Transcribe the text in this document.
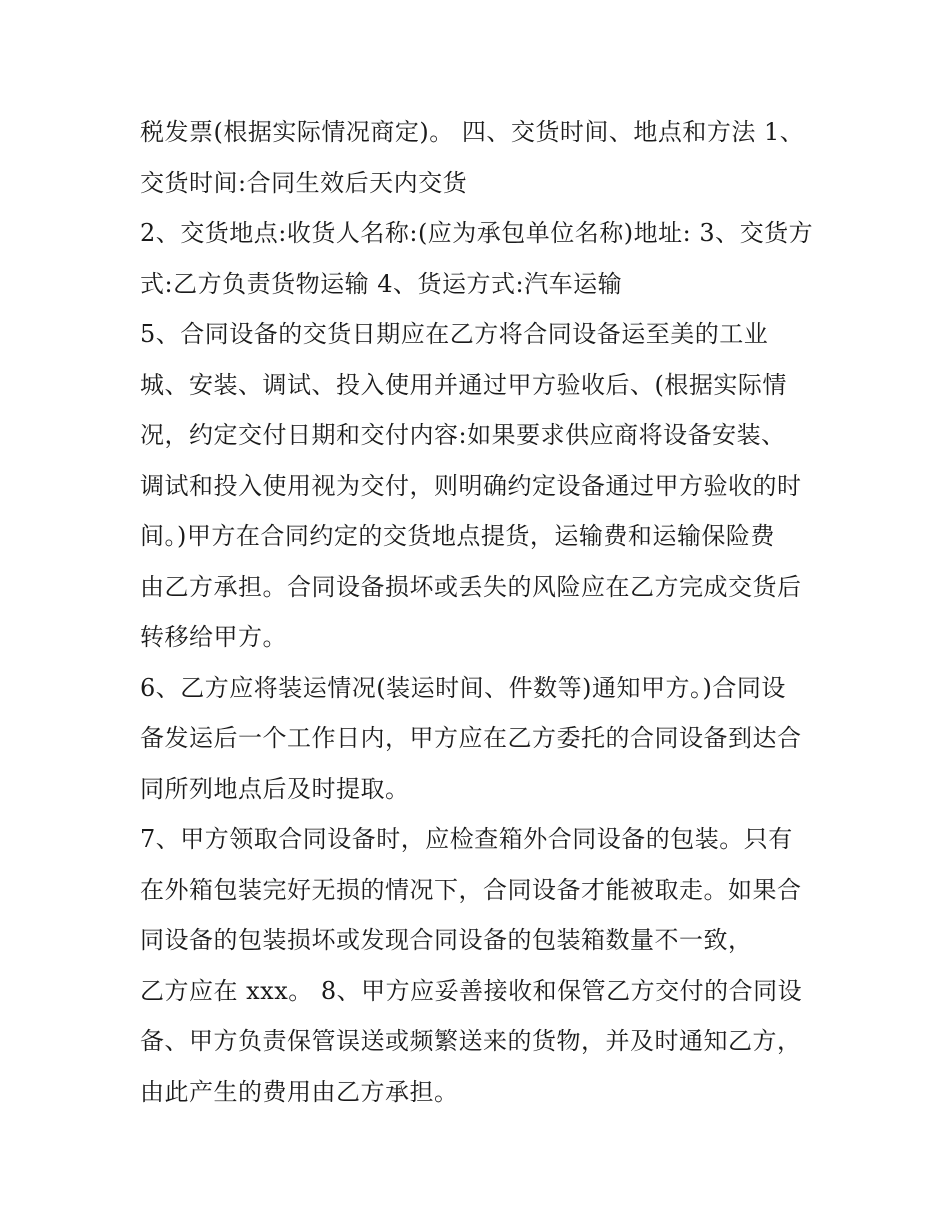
税发票(根据实际情况商定)。 四、交货时间、地点和方法 1、
交货时间:合同生效后天内交货
2、交货地点:收货人名称:(应为承包单位名称)地址: 3、交货方
式:乙方负责货物运输 4、货运方式:汽车运输
5、合同设备的交货日期应在乙方将合同设备运至美的工业
城、安装、调试、投入使用并通过甲方验收后、(根据实际情
况，约定交付日期和交付内容:如果要求供应商将设备安装、
调试和投入使用视为交付，则明确约定设备通过甲方验收的时
间。)甲方在合同约定的交货地点提货，运输费和运输保险费
由乙方承担。合同设备损坏或丢失的风险应在乙方完成交货后
转移给甲方。
6、乙方应将装运情况(装运时间、件数等)通知甲方。)合同设
备发运后一个工作日内，甲方应在乙方委托的合同设备到达合
同所列地点后及时提取。
7、甲方领取合同设备时，应检查箱外合同设备的包装。只有
在外箱包装完好无损的情况下，合同设备才能被取走。如果合
同设备的包装损坏或发现合同设备的包装箱数量不一致，
乙方应在 xxx。 8、甲方应妥善接收和保管乙方交付的合同设
备、甲方负责保管误送或频繁送来的货物，并及时通知乙方，
由此产生的费用由乙方承担。
